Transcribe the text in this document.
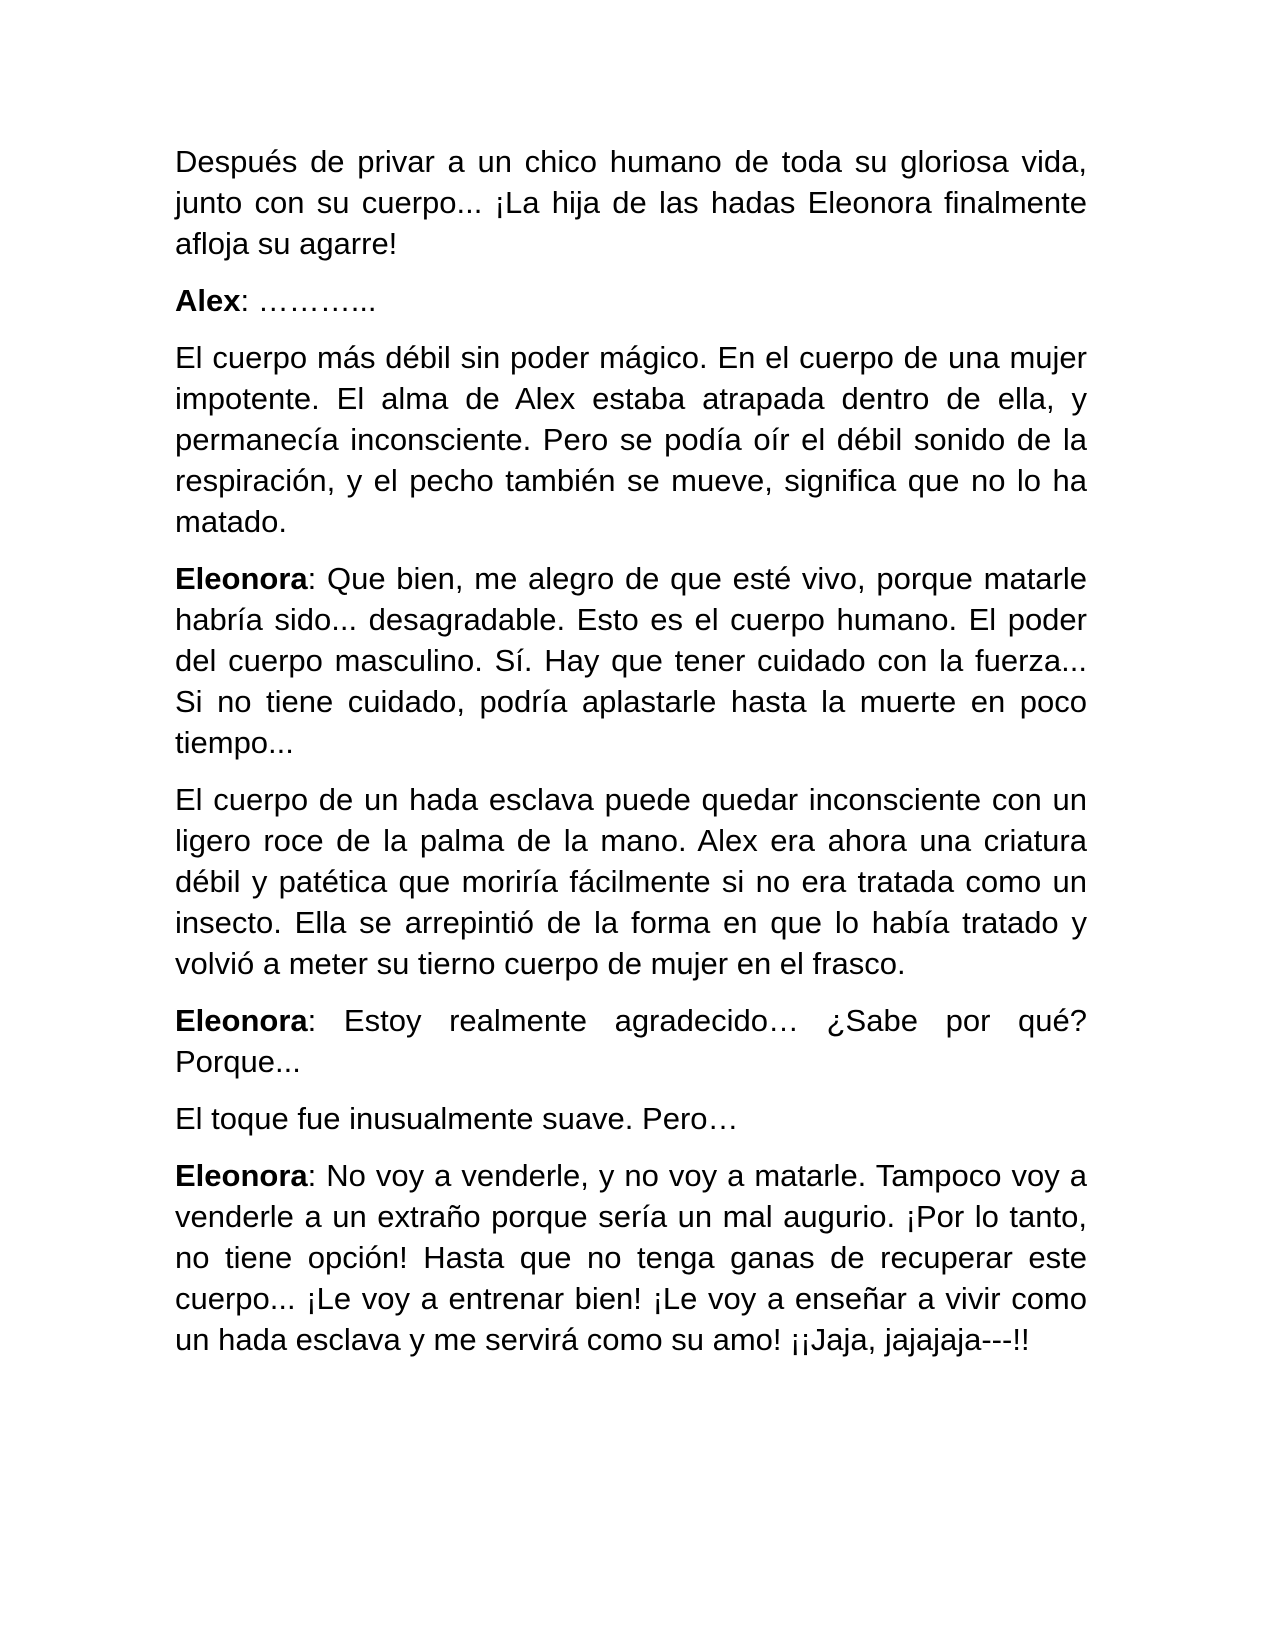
Después de privar a un chico humano de toda su gloriosa vida, junto con su cuerpo... ¡La hija de las hadas Eleonora finalmente afloja su agarre!

Alex: ………...

El cuerpo más débil sin poder mágico. En el cuerpo de una mujer impotente. El alma de Alex estaba atrapada dentro de ella, y permanecía inconsciente. Pero se podía oír el débil sonido de la respiración, y el pecho también se mueve, significa que no lo ha matado.

Eleonora: Que bien, me alegro de que esté vivo, porque matarle habría sido... desagradable. Esto es el cuerpo humano. El poder del cuerpo masculino. Sí. Hay que tener cuidado con la fuerza... Si no tiene cuidado, podría aplastarle hasta la muerte en poco tiempo...

El cuerpo de un hada esclava puede quedar inconsciente con un ligero roce de la palma de la mano. Alex era ahora una criatura débil y patética que moriría fácilmente si no era tratada como un insecto. Ella se arrepintió de la forma en que lo había tratado y volvió a meter su tierno cuerpo de mujer en el frasco.

Eleonora: Estoy realmente agradecido… ¿Sabe por qué? Porque...

El toque fue inusualmente suave. Pero…

Eleonora: No voy a venderle, y no voy a matarle. Tampoco voy a venderle a un extraño porque sería un mal augurio. ¡Por lo tanto, no tiene opción! Hasta que no tenga ganas de recuperar este cuerpo... ¡Le voy a entrenar bien! ¡Le voy a enseñar a vivir como un hada esclava y me servirá como su amo! ¡¡Jaja, jajajaja---!!
